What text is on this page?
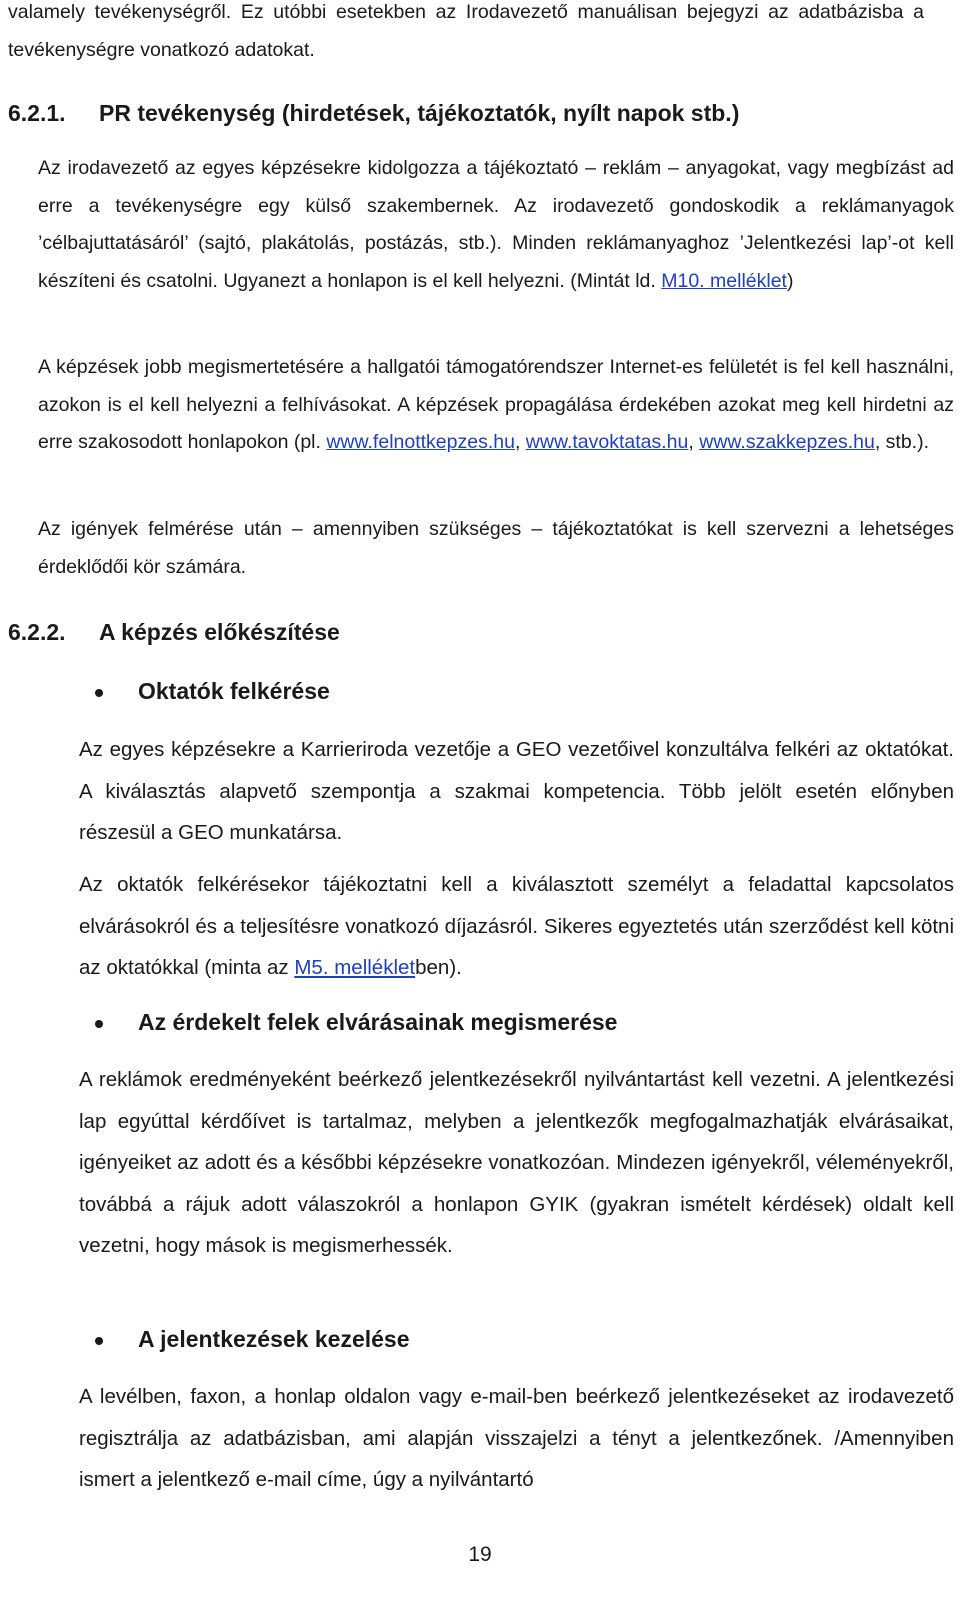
valamely tevékenységről. Ez utóbbi esetekben az Irodavezető manuálisan bejegyzi az adatbázisba a tevékenységre vonatkozó adatokat.

6.2.1. PR tevékenység (hirdetések, tájékoztatók, nyílt napok stb.)

Az irodavezető az egyes képzésekre kidolgozza a tájékoztató – reklám – anyagokat, vagy megbízást ad erre a tevékenységre egy külső szakembernek. Az irodavezető gondoskodik a reklámanyagok ’célbajuttatásáról’ (sajtó, plakátolás, postázás, stb.). Minden reklámanyaghoz ’Jelentkezési lap’-ot kell készíteni és csatolni. Ugyanezt a honlapon is el kell helyezni. (Mintát ld. M10. melléklet)

A képzések jobb megismertetésére a hallgatói támogatórendszer Internet-es felületét is fel kell használni, azokon is el kell helyezni a felhívásokat. A képzések propagálása érdekében azokat meg kell hirdetni az erre szakosodott honlapokon (pl. www.felnottkepzes.hu, www.tavoktatas.hu, www.szakkepzes.hu, stb.).

Az igények felmérése után – amennyiben szükséges – tájékoztatókat is kell szervezni a lehetséges érdeklődői kör számára.

6.2.2. A képzés előkészítése
Oktatók felkérése

Az egyes képzésekre a Karrieriroda vezetője a GEO vezetőivel konzultálva felkéri az oktatókat. A kiválasztás alapvető szempontja a szakmai kompetencia. Több jelölt esetén előnyben részesül a GEO munkatársa.

Az oktatók felkérésekor tájékoztatni kell a kiválasztott személyt a feladattal kapcsolatos elvárásokról és a teljesítésre vonatkozó díjazásról. Sikeres egyeztetés után szerződést kell kötni az oktatókkal (minta az M5. mellékletben).

Az érdekelt felek elvárásainak megismerése

A reklámok eredményeként beérkező jelentkezésekről nyilvántartást kell vezetni. A jelentkezési lap egyúttal kérdőívet is tartalmaz, melyben a jelentkezők megfogalmazhatják elvárásaikat, igényeiket az adott és a későbbi képzésekre vonatkozóan. Mindezen igényekről, véleményekről, továbbá a rájuk adott válaszokról a honlapon GYIK (gyakran ismételt kérdések) oldalt kell vezetni, hogy mások is megismerhessék.

A jelentkezések kezelése

A levélben, faxon, a honlap oldalon vagy e-mail-ben beérkező jelentkezéseket az irodavezető regisztrálja az adatbázisban, ami alapján visszajelzi a tényt a jelentkezőnek. /Amennyiben ismert a jelentkező e-mail címe, úgy a nyilvántartó

19
